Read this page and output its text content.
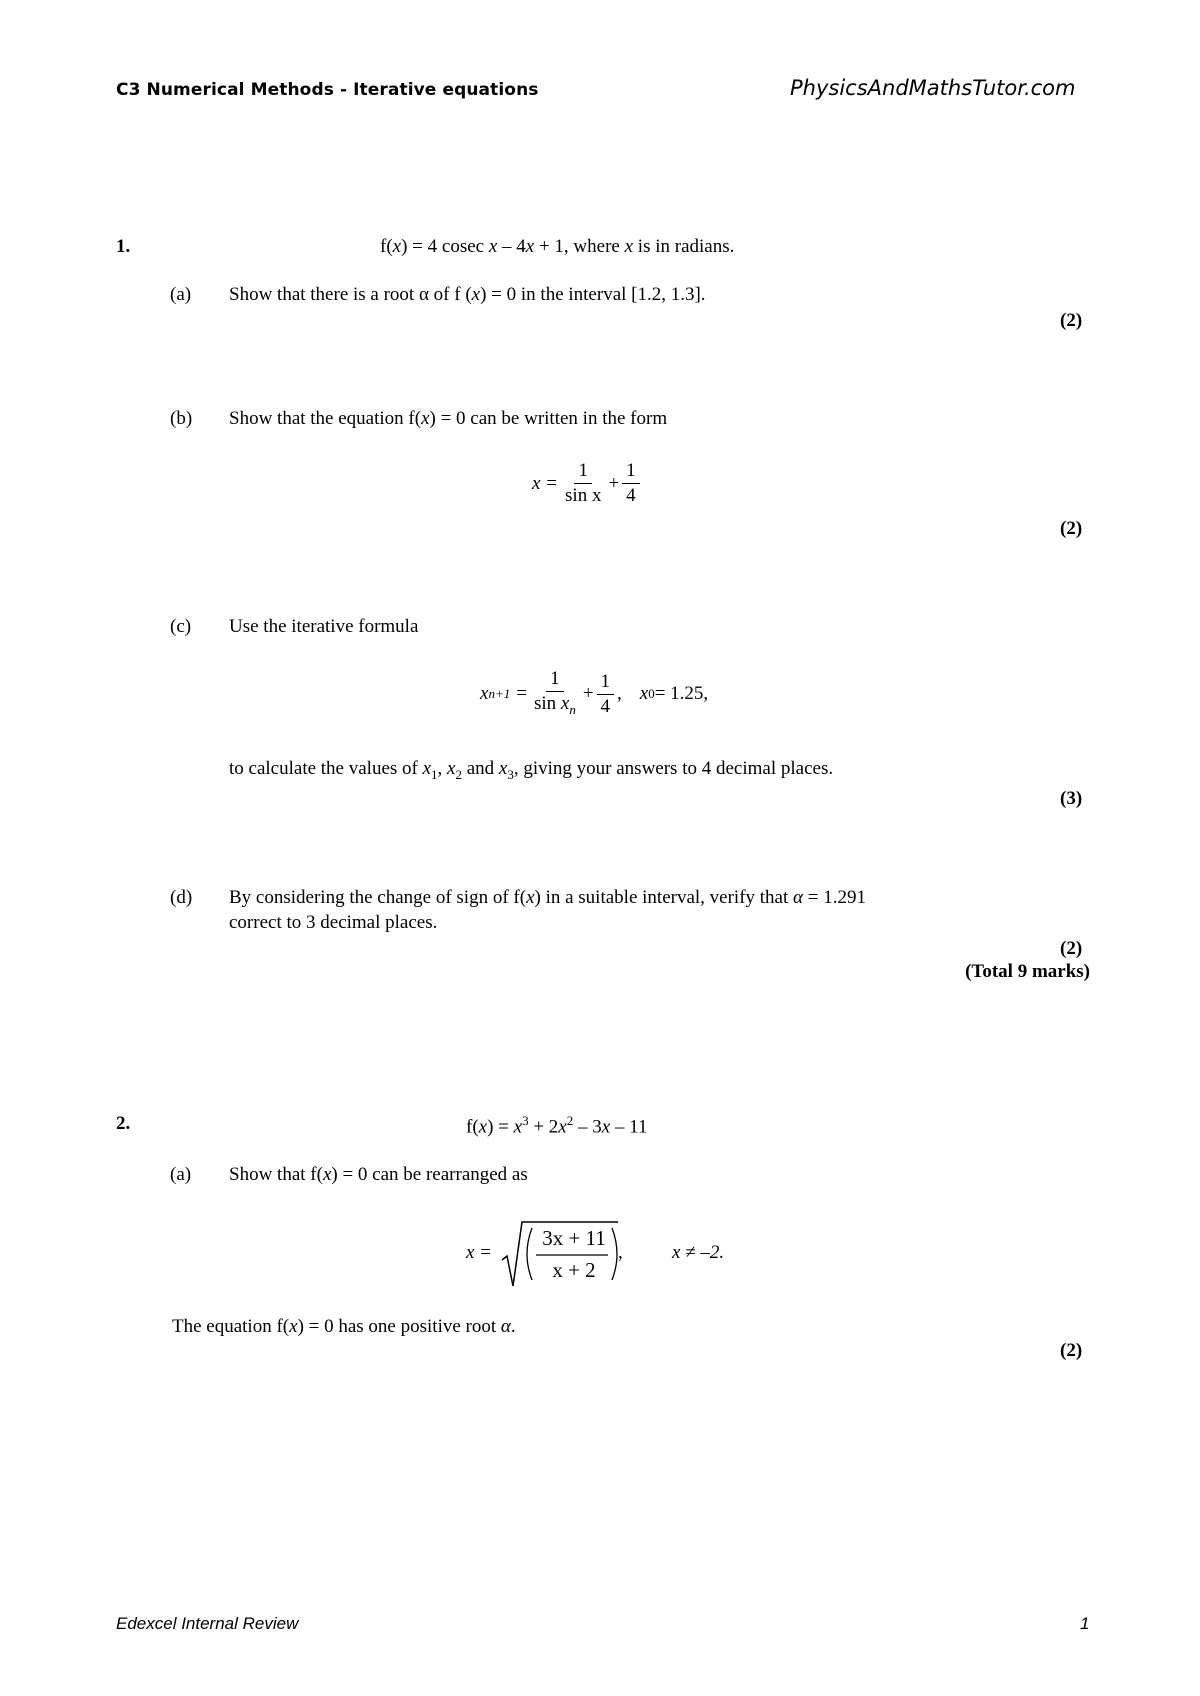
C3 Numerical Methods - Iterative equations	PhysicsAndMathsTutor.com
1.	f(x) = 4 cosec x – 4x + 1, where x is in radians.
(a) Show that there is a root α of f (x) = 0 in the interval [1.2, 1.3].
(2)
(b) Show that the equation f(x) = 0 can be written in the form
$x = \frac{1}{\text{sin x}} + \frac{1}{4}$
(2)
(c) Use the iterative formula
x $n+1 = \frac{1}{\sin x_n} + \frac{1}{4}$ , x 0 = 1.25,
to calculate the values of $x_1$, $x_2$ and $x_3$, giving your answers to 4 decimal places.
(3)
(d) By considering the change of sign of f(x) in a suitable interval, verify that α = 1.291
correct to 3 decimal places.
(2)
(Total 9 marks)
2.	$f(x) = x^3 + 2x^2 - 3x - 11$
(a) Show that f(x) = 0 can be rearranged as
x =
3x + 11
x + 2
,	x ≠ –2.
The equation f(x) = 0 has one positive root α.
(2)
Edexcel Internal Review	1
